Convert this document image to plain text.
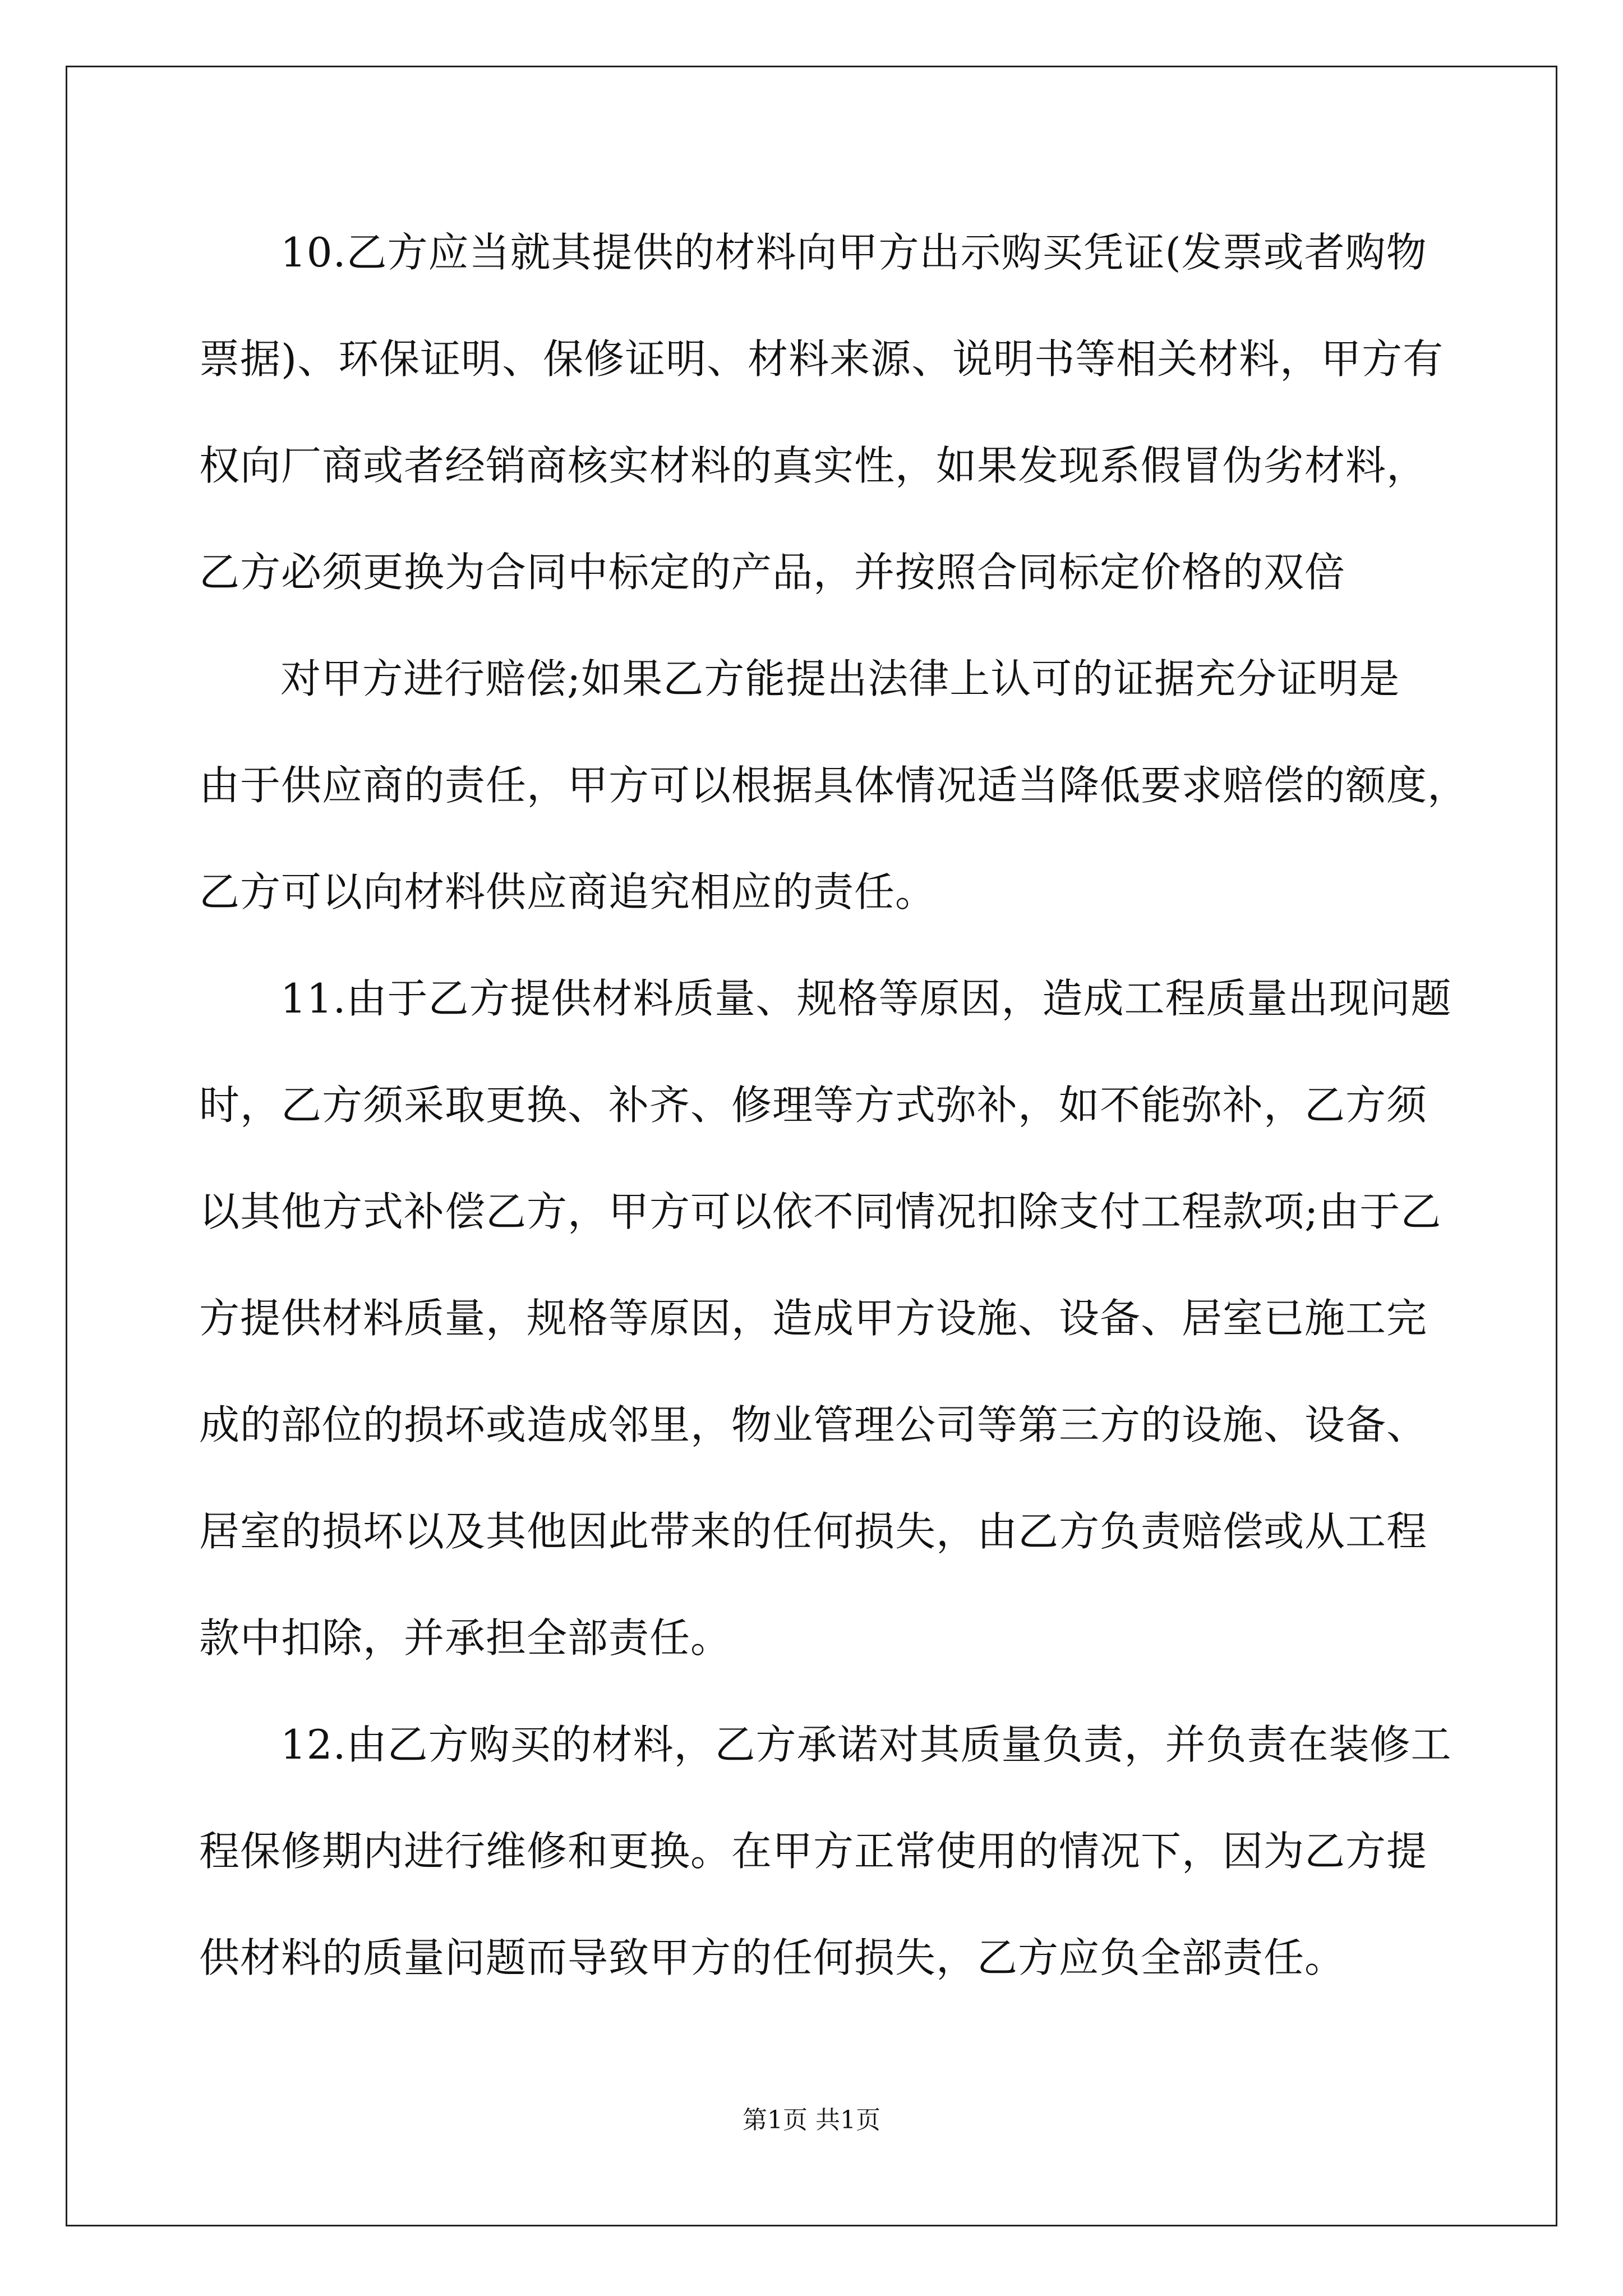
10.乙方应当就其提供的材料向甲方出示购买凭证(发票或者购物

票据)、环保证明、保修证明、材料来源、说明书等相关材料，甲方有

权向厂商或者经销商核实材料的真实性，如果发现系假冒伪劣材料，

乙方必须更换为合同中标定的产品，并按照合同标定价格的双倍

对甲方进行赔偿;如果乙方能提出法律上认可的证据充分证明是

由于供应商的责任，甲方可以根据具体情况适当降低要求赔偿的额度，

乙方可以向材料供应商追究相应的责任。

11.由于乙方提供材料质量、规格等原因，造成工程质量出现问题

时，乙方须采取更换、补齐、修理等方式弥补，如不能弥补，乙方须

以其他方式补偿乙方，甲方可以依不同情况扣除支付工程款项;由于乙

方提供材料质量，规格等原因，造成甲方设施、设备、居室已施工完

成的部位的损坏或造成邻里，物业管理公司等第三方的设施、设备、

居室的损坏以及其他因此带来的任何损失，由乙方负责赔偿或从工程

款中扣除，并承担全部责任。

12.由乙方购买的材料，乙方承诺对其质量负责，并负责在装修工

程保修期内进行维修和更换。在甲方正常使用的情况下，因为乙方提

供材料的质量问题而导致甲方的任何损失，乙方应负全部责任。

第1页 共1页
